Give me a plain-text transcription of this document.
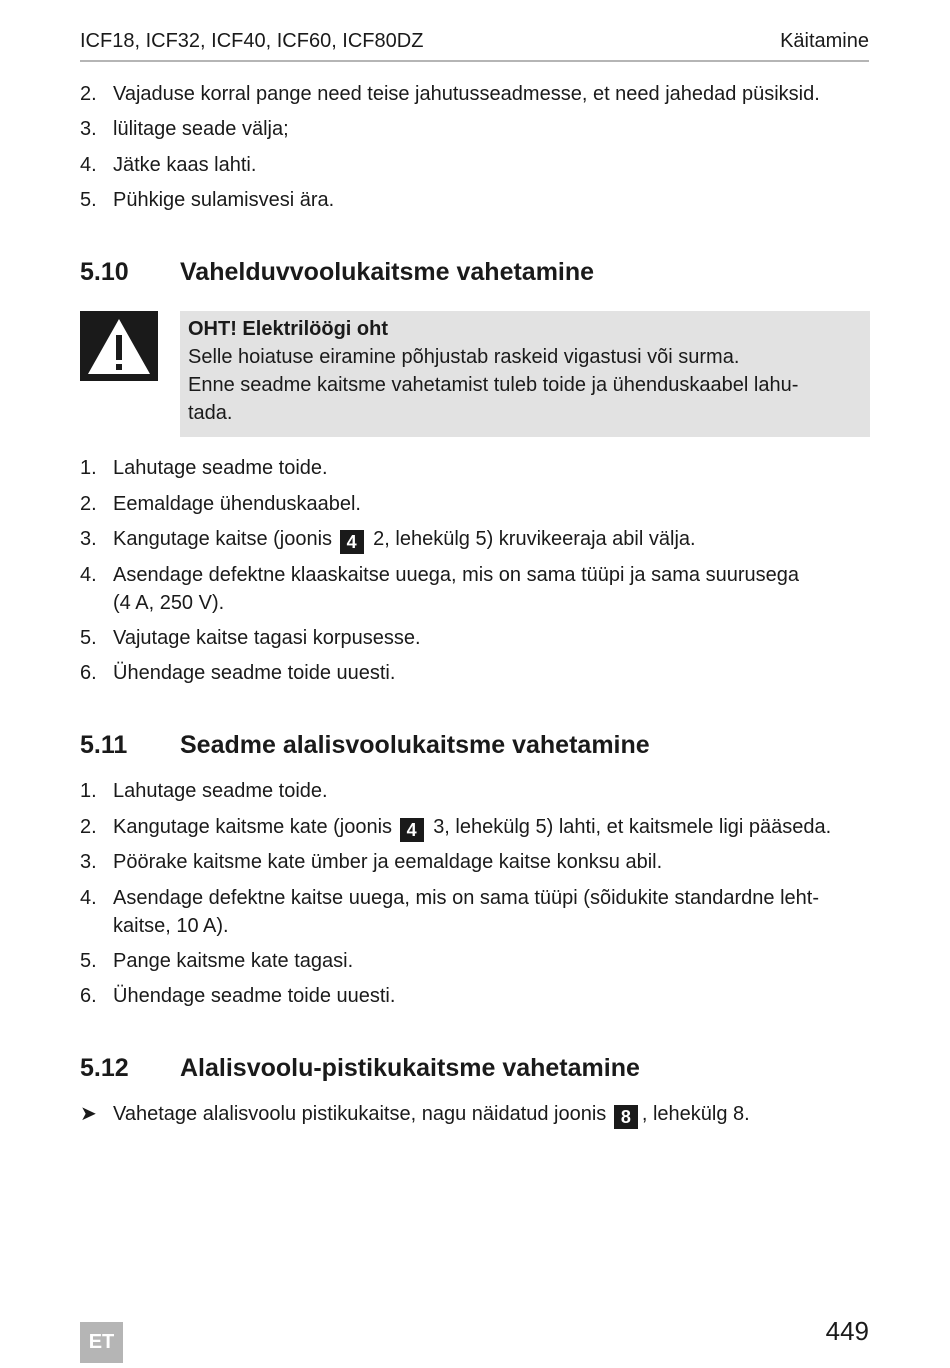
ICF18, ICF32, ICF40, ICF60, ICF80DZ	Käitamine
2. Vajaduse korral pange need teise jahutusseadmesse, et need jahedad püsiksid.
3. lülitage seade välja;
4. Jätke kaas lahti.
5. Pühkige sulamisvesi ära.
5.10 Vahelduvvoolukaitsme vahetamine
OHT! Elektrilöögi oht
Selle hoiatuse eiramine põhjustab raskeid vigastusi või surma.
Enne seadme kaitsme vahetamist tuleb toide ja ühenduskaabel lahu-
tada.
1. Lahutage seadme toide.
2. Eemaldage ühenduskaabel.
3. Kangutage kaitse (joonis 4 2, lehekülg 5) kruvikeeraja abil välja.
4. Asendage defektne klaaskaitse uuega, mis on sama tüüpi ja sama suurusega
(4 A, 250 V).
5. Vajutage kaitse tagasi korpusesse.
6. Ühendage seadme toide uuesti.
5.11 Seadme alalisvoolukaitsme vahetamine
1. Lahutage seadme toide.
2. Kangutage kaitsme kate (joonis 4 3, lehekülg 5) lahti, et kaitsmele ligi pääseda.
3. Pöörake kaitsme kate ümber ja eemaldage kaitse konksu abil.
4. Asendage defektne kaitse uuega, mis on sama tüüpi (sõidukite standardne leht-
kaitse, 10 A).
5. Pange kaitsme kate tagasi.
6. Ühendage seadme toide uuesti.
5.12 Alalisvoolu-pistikukaitsme vahetamine
➤ Vahetage alalisvoolu pistikukaitse, nagu näidatud joonis 8 , lehekülg 8.
ET	449
